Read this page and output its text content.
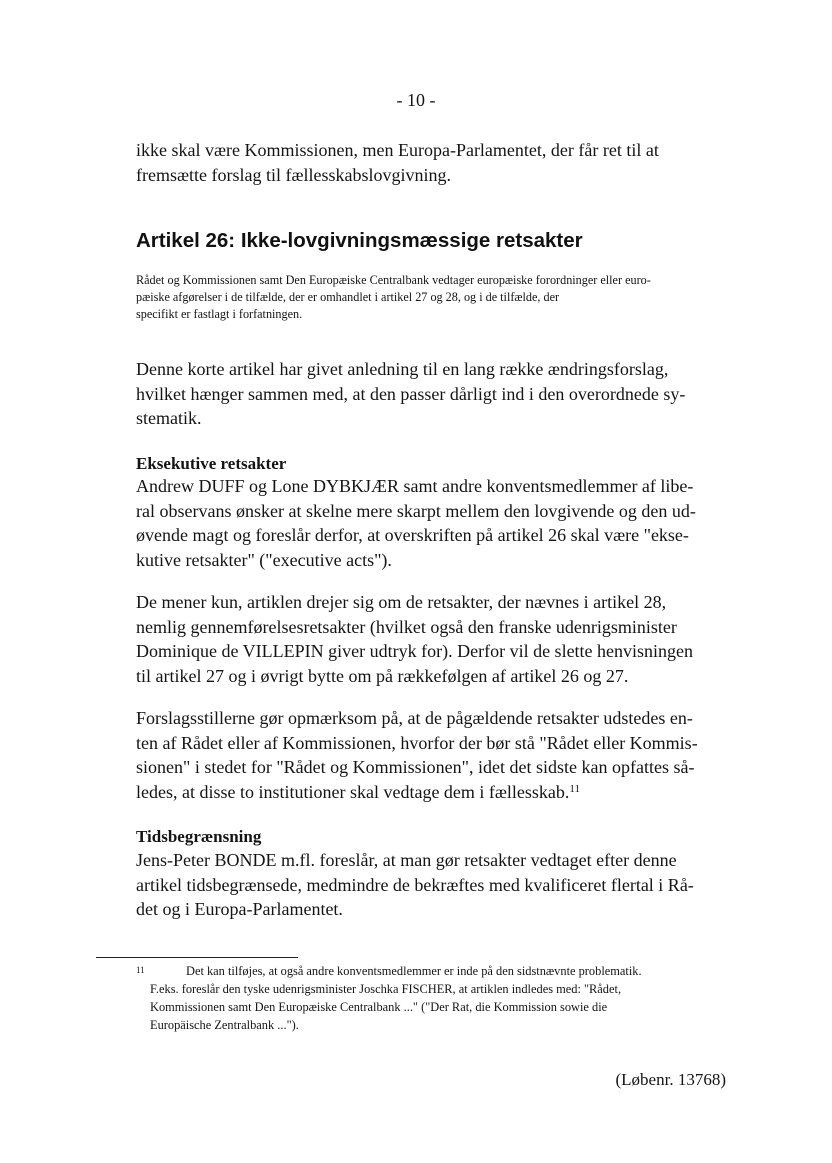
- 10 -
ikke skal være Kommissionen, men Europa-Parlamentet, der får ret til at
fremsætte forslag til fællesskabslovgivning.
Artikel 26: Ikke-lovgivningsmæssige retsakter
Rådet og Kommissionen samt Den Europæiske Centralbank vedtager europæiske forordninger eller euro-
pæiske afgørelser i de tilfælde, der er omhandlet i artikel 27 og 28, og i de tilfælde, der
specifikt er fastlagt i forfatningen.
Denne korte artikel har givet anledning til en lang række ændringsforslag,
hvilket hænger sammen med, at den passer dårligt ind i den overordnede sy-
stematik.
Eksekutive retsakter
Andrew DUFF og Lone DYBKJÆR samt andre konventsmedlemmer af libe-
ral observans ønsker at skelne mere skarpt mellem den lovgivende og den ud-
øvende magt og foreslår derfor, at overskriften på artikel 26 skal være "ekse-
kutive retsakter" ("executive acts").
De mener kun, artiklen drejer sig om de retsakter, der nævnes i artikel 28,
nemlig gennemførelsesretsakter (hvilket også den franske udenrigsminister
Dominique de VILLEPIN giver udtryk for). Derfor vil de slette henvisningen
til artikel 27 og i øvrigt bytte om på rækkefølgen af artikel 26 og 27.
Forslagsstillerne gør opmærksom på, at de pågældende retsakter udstedes en-
ten af Rådet eller af Kommissionen, hvorfor der bør stå "Rådet eller Kommis-
sionen" i stedet for "Rådet og Kommissionen", idet det sidste kan opfattes så-
ledes, at disse to institutioner skal vedtage dem i fællesskab.$^{11}$
Tidsbegrænsning
Jens-Peter BONDE m.fl. foreslår, at man gør retsakter vedtaget efter denne
artikel tidsbegrænsede, medmindre de bekræftes med kvalificeret flertal i Rå-
det og i Europa-Parlamentet.
11	Det kan tilføjes, at også andre konventsmedlemmer er inde på den sidstnævnte problematik.
F.eks. foreslår den tyske udenrigsminister Joschka FISCHER, at artiklen indledes med: "Rådet,
Kommissionen samt Den Europæiske Centralbank ..." ("Der Rat, die Kommission sowie die
Europäische Zentralbank ...").
(Løbenr. 13768)
